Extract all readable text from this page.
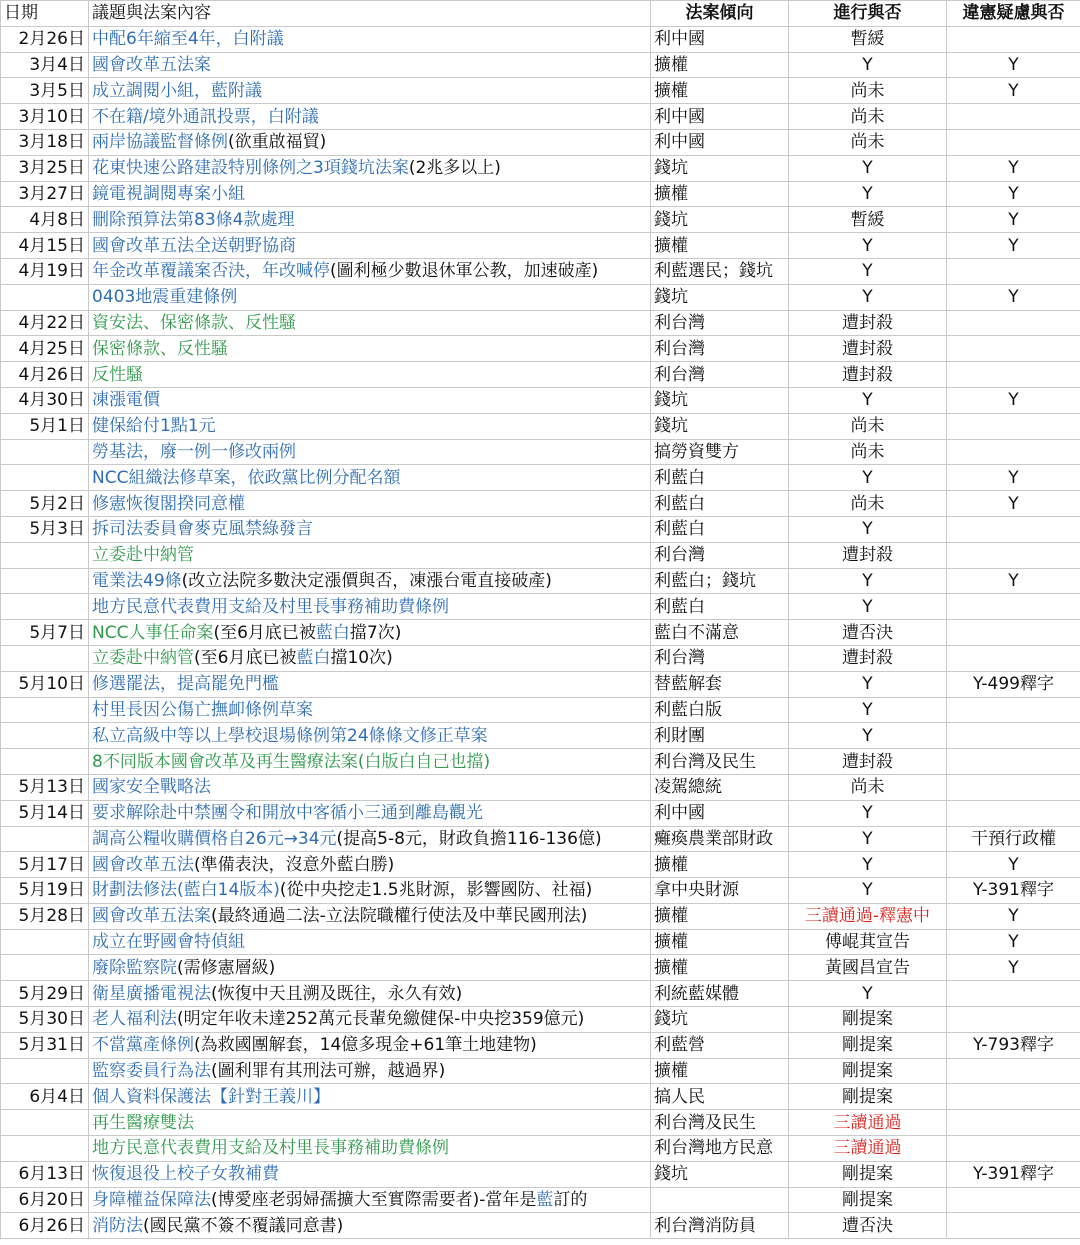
日期	議題與法案內容	法案傾向	進行與否	違憲疑慮與否
2月26日	中配6年縮至4年，白附議	利中國	暫緩	
3月4日	國會改革五法案	擴權	Y	Y
3月5日	成立調閱小組，藍附議	擴權	尚未	Y
3月10日	不在籍/境外通訊投票，白附議	利中國	尚未	
3月18日	兩岸協議監督條例(欲重啟福貿)	利中國	尚未	
3月25日	花東快速公路建設特別條例之3項錢坑法案(2兆多以上)	錢坑	Y	Y
3月27日	鏡電視調閱專案小組	擴權	Y	Y
4月8日	刪除預算法第83條4款處理	錢坑	暫緩	Y
4月15日	國會改革五法全送朝野協商	擴權	Y	Y
4月19日	年金改革覆議案否決，年改喊停(圖利極少數退休軍公教，加速破產)	利藍選民；錢坑	Y	
	0403地震重建條例	錢坑	Y	Y
4月22日	資安法、保密條款、反性騷	利台灣	遭封殺	
4月25日	保密條款、反性騷	利台灣	遭封殺	
4月26日	反性騷	利台灣	遭封殺	
4月30日	凍漲電價	錢坑	Y	Y
5月1日	健保給付1點1元	錢坑	尚未	
	勞基法，廢一例一修改兩例	搞勞資雙方	尚未	
	NCC組織法修草案，依政黨比例分配名額	利藍白	Y	Y
5月2日	修憲恢復閣揆同意權	利藍白	尚未	Y
5月3日	拆司法委員會麥克風禁綠發言	利藍白	Y	
	立委赴中納管	利台灣	遭封殺	
	電業法49條(改立法院多數決定漲價與否，凍漲台電直接破產)	利藍白；錢坑	Y	Y
	地方民意代表費用支給及村里長事務補助費條例	利藍白	Y	
5月7日	NCC人事任命案(至6月底已被藍白擋7次)	藍白不滿意	遭否決	
	立委赴中納管(至6月底已被藍白擋10次)	利台灣	遭封殺	
5月10日	修選罷法，提高罷免門檻	替藍解套	Y	Y-499釋字
	村里長因公傷亡撫卹條例草案	利藍白版	Y	
	私立高級中等以上學校退場條例第24條條文修正草案	利財團	Y	
	8不同版本國會改革及再生醫療法案(白版白自己也擋)	利台灣及民生	遭封殺	
5月13日	國家安全戰略法	凌駕總統	尚未	
5月14日	要求解除赴中禁團令和開放中客循小三通到離島觀光	利中國	Y	
	調高公糧收購價格自26元→34元(提高5-8元，財政負擔116-136億)	癱瘓農業部財政	Y	干預行政權
5月17日	國會改革五法(準備表決，沒意外藍白勝)	擴權	Y	Y
5月19日	財劃法修法(藍白14版本)(從中央挖走1.5兆財源，影響國防、社福)	拿中央財源	Y	Y-391釋字
5月28日	國會改革五法案(最終通過二法-立法院職權行使法及中華民國刑法)	擴權	三讀通過-釋憲中	Y
	成立在野國會特偵組	擴權	傅崐萁宣告	Y
	廢除監察院(需修憲層級)	擴權	黃國昌宣告	Y
5月29日	衛星廣播電視法(恢復中天且溯及既往，永久有效)	利統藍媒體	Y	
5月30日	老人福利法(明定年收未達252萬元長輩免繳健保-中央挖359億元)	錢坑	剛提案	
5月31日	不當黨產條例(為救國團解套，14億多現金+61筆土地建物)	利藍營	剛提案	Y-793釋字
	監察委員行為法(圖利罪有其刑法可辦，越過界)	擴權	剛提案	
6月4日	個人資料保護法【針對王義川】	搞人民	剛提案	
	再生醫療雙法	利台灣及民生	三讀通過	
	地方民意代表費用支給及村里長事務補助費條例	利台灣地方民意	三讀通過	
6月13日	恢復退役上校子女教補費	錢坑	剛提案	Y-391釋字
6月20日	身障權益保障法(博愛座老弱婦孺擴大至實際需要者)-當年是藍訂的		剛提案	
6月26日	消防法(國民黨不簽不覆議同意書)	利台灣消防員	遭否決	
